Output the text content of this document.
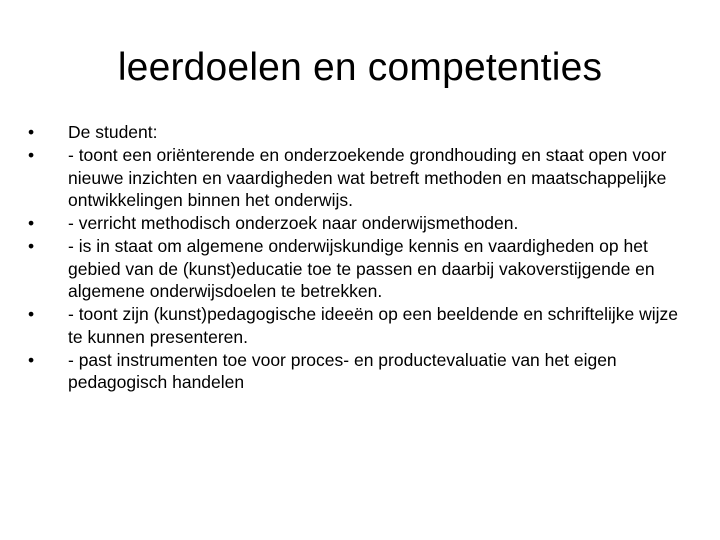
leerdoelen en competenties
•	De student:
•	- toont een oriënterende en onderzoekende grondhouding en staat open voor nieuwe inzichten en vaardigheden wat betreft methoden en maatschappelijke ontwikkelingen binnen het onderwijs.
•	- verricht methodisch onderzoek naar onderwijsmethoden.
•	- is in staat om algemene onderwijskundige kennis en vaardigheden op het gebied van de (kunst)educatie toe te passen en daarbij vakoverstijgende en algemene onderwijsdoelen te betrekken.
•	- toont zijn (kunst)pedagogische ideeën op een beeldende en schriftelijke wijze te kunnen presenteren.
•	- past instrumenten toe voor proces- en productevaluatie van het eigen pedagogisch handelen
